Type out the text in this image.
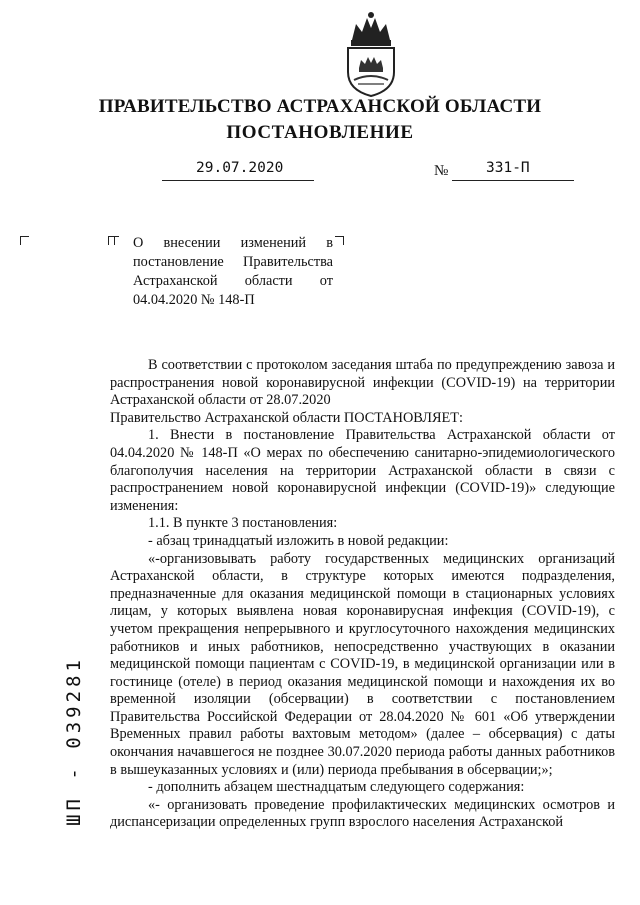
ПРАВИТЕЛЬСТВО АСТРАХАНСКОЙ ОБЛАСТИ
ПОСТАНОВЛЕНИЕ
29.07.2020	№	331-П
О внесении изменений в постановление Правительства Астраханской области от 04.04.2020 № 148-П

В соответствии с протоколом заседания штаба по предупреждению завоза и распространения новой коронавирусной инфекции (COVID-19) на территории Астраханской области от 28.07.2020

Правительство Астраханской области ПОСТАНОВЛЯЕТ:

1. Внести в постановление Правительства Астраханской области от 04.04.2020 № 148-П «О мерах по обеспечению санитарно-эпидемиологического благополучия населения на территории Астраханской области в связи с распространением новой коронавирусной инфекции (COVID-19)» следующие изменения:

1.1. В пункте 3 постановления:

- абзац тринадцатый изложить в новой редакции:

«-организовывать работу государственных медицинских организаций Астраханской области, в структуре которых имеются подразделения, предназначенные для оказания медицинской помощи в стационарных условиях лицам, у которых выявлена новая коронавирусная инфекция (COVID-19), с учетом прекращения непрерывного и круглосуточного нахождения медицинских работников и иных работников, непосредственно участвующих в оказании медицинской помощи пациентам с COVID-19, в медицинской организации или в гостинице (отеле) в период оказания медицинской помощи и нахождения их во временной изоляции (обсервации) в соответствии с постановлением Правительства Российской Федерации от 28.04.2020 № 601 «Об утверждении Временных правил работы вахтовым методом» (далее – обсервация) с даты окончания начавшегося не позднее 30.07.2020 периода работы данных работников в вышеуказанных условиях и (или) периода пребывания в обсервации;»;

- дополнить абзацем шестнадцатым следующего содержания:

«- организовать проведение профилактических медицинских осмотров и диспансеризации определенных групп взрослого населения Астраханской

ШП - 039281
